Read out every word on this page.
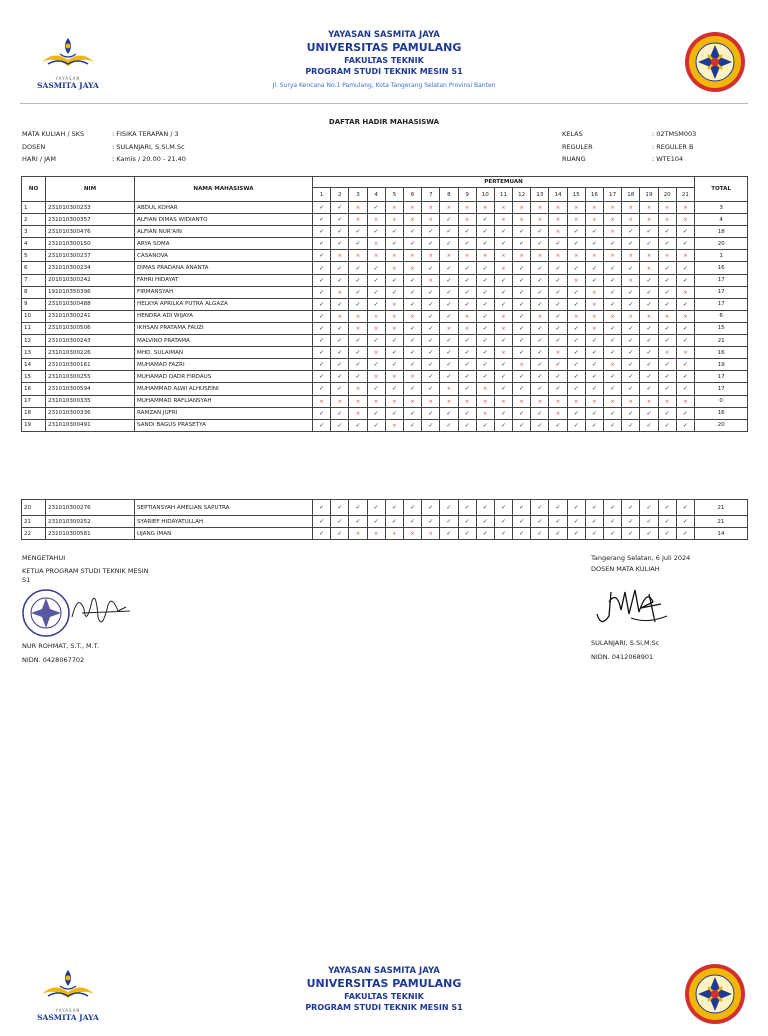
YAYASAN
SASMITA JAYA
YAYASAN SASMITA JAYA
UNIVERSITAS PAMULANG
FAKULTAS TEKNIK
PROGRAM STUDI TEKNIK MESIN S1
Jl. Surya Kencana No.1 Pamulang, Kota Tangerang Selatan Provinsi Banten
DAFTAR HADIR MAHASISWA
MATA KULIAH / SKS	: FISIKA TERAPAN / 3
DOSEN	: SULANJARI, S.Si,M.Sc
HARI / JAM	: Kamis / 20.00 - 21.40
KELAS	: 02TMSM003
REGULER	: REGULER B
RUANG	: WTE104
NO	NIM	NAMA MAHASISWA	PERTEMUAN																					TOTAL
			1	2	3	4	5	6	7	8	9	10	11	12	13	14	15	16	17	18	19	20	21	
1	231010300233	ABDUL KOHAR	✓	✓	×	✓	×	×	×	×	×	×	×	×	×	×	×	×	×	×	×	×	×	3
2	231010300357	ALFIAN DIMAS WIDIANTO	✓	✓	×	×	×	×	×	✓	×	✓	×	×	×	×	×	×	×	×	×	×	×	4
3	231010300476	ALFIAN NUR'AIN	✓	✓	✓	✓	✓	✓	✓	✓	✓	✓	✓	✓	✓	×	✓	✓	×	✓	✓	✓	✓	18
4	231010300150	ARYA SOMA	✓	✓	✓	×	✓	✓	✓	✓	✓	✓	✓	✓	✓	✓	✓	✓	✓	✓	✓	✓	✓	20
5	231010300237	CASANOVA	✓	×	×	×	×	×	×	×	×	×	×	×	×	×	×	×	×	×	×	×	×	1
6	231010300234	DIMAS PRADANA ANANTA	✓	✓	✓	✓	×	×	✓	✓	✓	✓	×	✓	✓	✓	✓	✓	✓	✓	×	✓	✓	16
7	201010300242	FAHRI HIDAYAT	✓	✓	✓	✓	✓	✓	×	✓	✓	✓	✓	✓	✓	✓	×	✓	✓	×	✓	✓	✓	17
8	191010350396	FIRMANSYAH	✓	×	✓	✓	✓	✓	✓	✓	✓	✓	✓	✓	✓	✓	✓	×	✓	✓	✓	✓	×	17
9	231010300488	HELKYA APRILKA PUTRA ALGAZA	✓	✓	✓	✓	×	✓	✓	✓	✓	✓	✓	✓	✓	✓	✓	×	✓	✓	✓	✓	✓	17
10	231010300241	HENDRA ADI WIJAYA	✓	×	×	×	×	×	✓	✓	×	✓	×	✓	×	✓	×	×	×	×	×	×	×	6
11	231010300506	IKHSAN PRATAMA FAUZI	✓	✓	×	×	×	✓	✓	×	×	✓	×	✓	✓	✓	✓	×	✓	✓	✓	✓	✓	15
12	231010300243	MALVINO PRATAMA	✓	✓	✓	✓	✓	✓	✓	✓	✓	✓	✓	✓	✓	✓	✓	✓	✓	✓	✓	✓	✓	21
13	231010300226	MHD. SULAIMAN	✓	✓	✓	×	✓	✓	✓	✓	✓	✓	×	✓	✓	×	✓	✓	✓	✓	✓	×	×	16
14	231010300161	MUHAMAD FAZRI	✓	✓	✓	✓	✓	✓	✓	✓	✓	✓	✓	×	✓	✓	✓	✓	×	✓	✓	✓	✓	19
15	231010300255	MUHAMAD QADR FIRDAUS	✓	✓	✓	×	×	×	✓	✓	✓	✓	✓	✓	✓	✓	✓	✓	✓	✓	✓	✓	✓	17
16	231010300594	MUHAMMAD ALWI ALHUSEINI	✓	✓	×	✓	✓	✓	✓	×	✓	×	✓	✓	✓	✓	✓	✓	✓	✓	✓	✓	✓	17
17	231010300335	MUHAMMAD RAFLIANSYAH	×	×	×	×	×	×	×	×	×	×	×	×	×	×	×	×	×	×	×	×	×	0
18	231010300336	RAMZAN JUFRI	✓	✓	×	✓	✓	✓	✓	✓	✓	×	✓	✓	✓	×	✓	✓	✓	✓	✓	✓	✓	16
19	231010300491	SANDI BAGUS PRASETYA	✓	✓	✓	✓	×	✓	✓	✓	✓	✓	✓	✓	✓	✓	✓	✓	✓	✓	✓	✓	✓	20
20	231010300276	SEPTIANSYAH AMELIAN SAPUTRA	✓	✓	✓	✓	✓	✓	✓	✓	✓	✓	✓	✓	✓	✓	✓	✓	✓	✓	✓	✓	✓	21
21	231010300252	SYARIEF HIDAYATULLAH	✓	✓	✓	✓	✓	✓	✓	✓	✓	✓	✓	✓	✓	✓	✓	✓	✓	✓	✓	✓	✓	21
22	231010300581	UJANG IMAN	✓	✓	×	×	×	×	×	✓	✓	✓	✓	✓	✓	✓	✓	✓	✓	✓	✓	✓	✓	14
MENGETAHUI
KETUA PROGRAM STUDI TEKNIK MESIN
S1
NUR ROHMAT, S.T., M.T.
NIDN. 0428067702
Tangerang Selatan, 6 Juli 2024
DOSEN MATA KULIAH
SULANJARI, S.Si,M.Sc
NIDN. 0412068901
YAYASAN
SASMITA JAYA
YAYASAN SASMITA JAYA
UNIVERSITAS PAMULANG
FAKULTAS TEKNIK
PROGRAM STUDI TEKNIK MESIN S1
